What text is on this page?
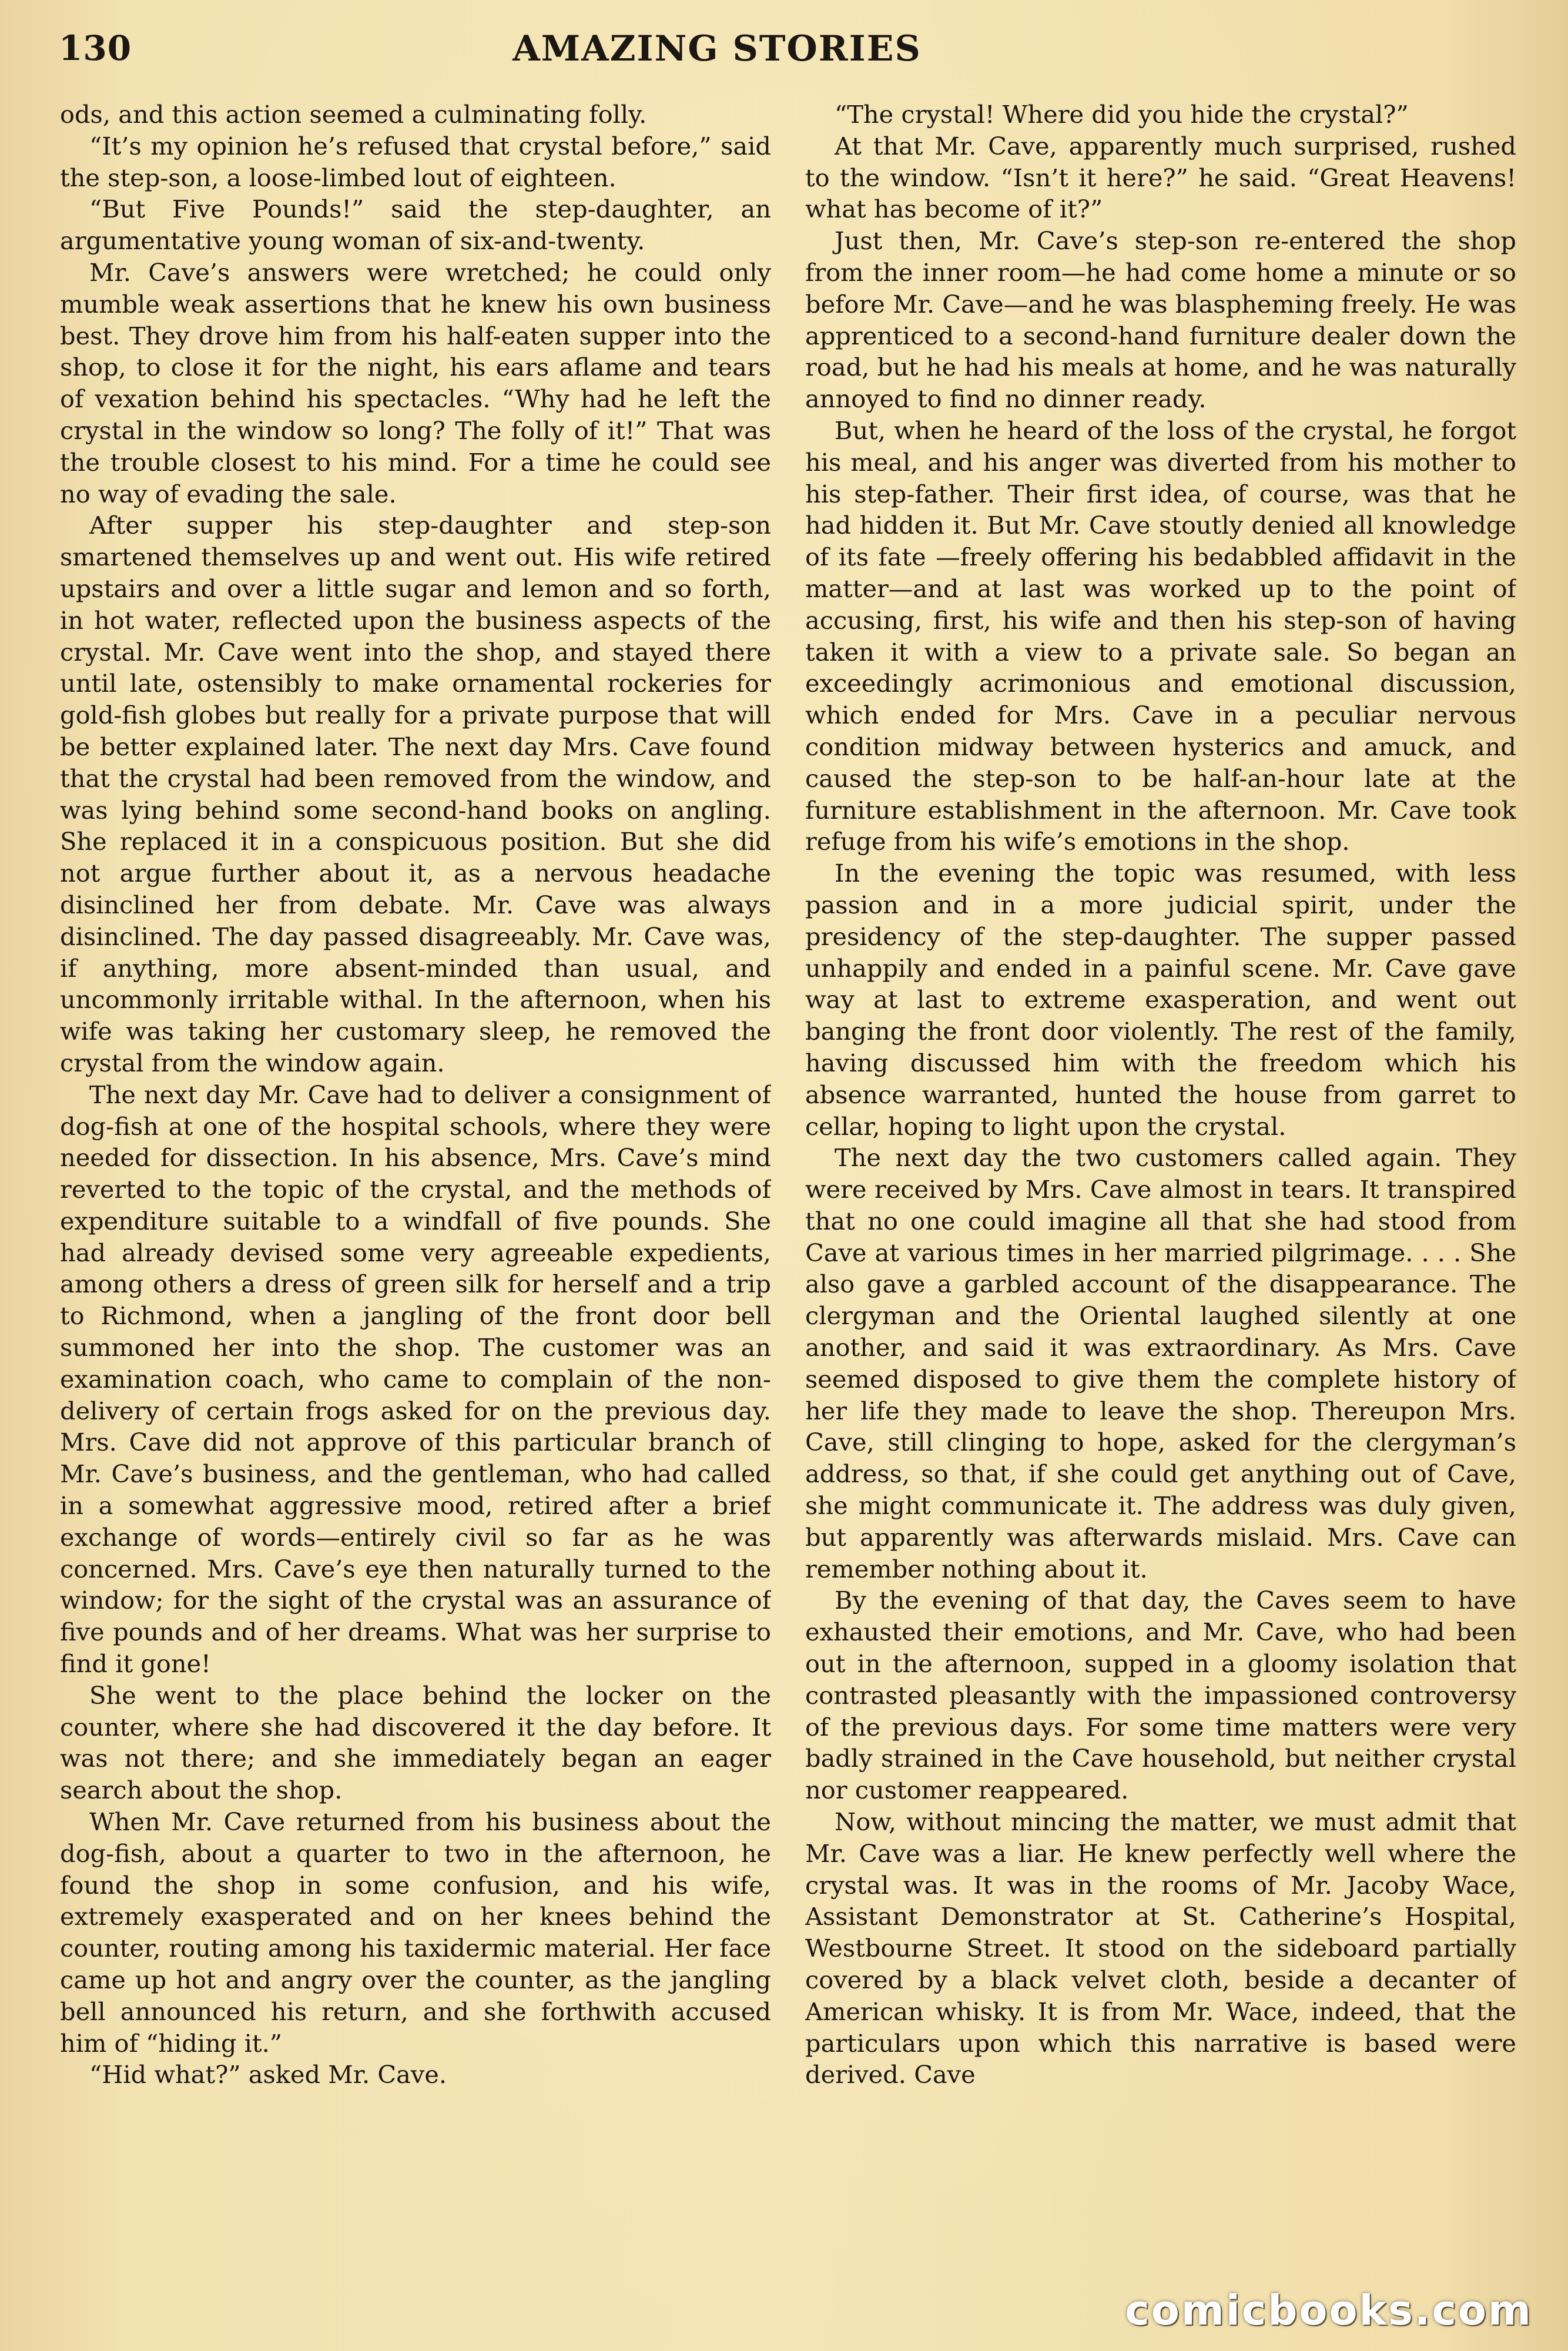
130	AMAZING STORIES

ods, and this action seemed a culminating folly.

“It’s my opinion he’s refused that crystal before,” said the step-son, a loose-limbed lout of eighteen.

“But Five Pounds!” said the step-daughter, an argumentative young woman of six-and-twenty.

Mr. Cave’s answers were wretched; he could only mumble weak assertions that he knew his own business best. They drove him from his half-eaten supper into the shop, to close it for the night, his ears aflame and tears of vexation behind his spectacles. “Why had he left the crystal in the window so long? The folly of it!” That was the trouble closest to his mind. For a time he could see no way of evading the sale.

After supper his step-daughter and step-son smartened themselves up and went out. His wife retired upstairs and over a little sugar and lemon and so forth, in hot water, reflected upon the business aspects of the crystal. Mr. Cave went into the shop, and stayed there until late, ostensibly to make ornamental rockeries for gold-fish globes but really for a private purpose that will be better explained later. The next day Mrs. Cave found that the crystal had been removed from the window, and was lying behind some second-hand books on angling. She replaced it in a conspicuous position. But she did not argue further about it, as a nervous headache disinclined her from debate. Mr. Cave was always disinclined. The day passed disagreeably. Mr. Cave was, if anything, more absent-minded than usual, and uncommonly irritable withal. In the afternoon, when his wife was taking her customary sleep, he removed the crystal from the window again.

The next day Mr. Cave had to deliver a consignment of dog-fish at one of the hospital schools, where they were needed for dissection. In his absence, Mrs. Cave’s mind reverted to the topic of the crystal, and the methods of expenditure suitable to a windfall of five pounds. She had already devised some very agreeable expedients, among others a dress of green silk for herself and a trip to Richmond, when a jangling of the front door bell summoned her into the shop. The customer was an examination coach, who came to complain of the non-delivery of certain frogs asked for on the previous day. Mrs. Cave did not approve of this particular branch of Mr. Cave’s business, and the gentleman, who had called in a somewhat aggressive mood, retired after a brief exchange of words—entirely civil so far as he was concerned. Mrs. Cave’s eye then naturally turned to the window; for the sight of the crystal was an assurance of five pounds and of her dreams. What was her surprise to find it gone!

She went to the place behind the locker on the counter, where she had discovered it the day before. It was not there; and she immediately began an eager search about the shop.

When Mr. Cave returned from his business about the dog-fish, about a quarter to two in the afternoon, he found the shop in some confusion, and his wife, extremely exasperated and on her knees behind the counter, routing among his taxidermic material. Her face came up hot and angry over the counter, as the jangling bell announced his return, and she forthwith accused him of “hiding it.”

“Hid what?” asked Mr. Cave.

“The crystal! Where did you hide the crystal?”

At that Mr. Cave, apparently much surprised, rushed to the window. “Isn’t it here?” he said. “Great Heavens! what has become of it?”

Just then, Mr. Cave’s step-son re-entered the shop from the inner room—he had come home a minute or so before Mr. Cave—and he was blaspheming freely. He was apprenticed to a second-hand furniture dealer down the road, but he had his meals at home, and he was naturally annoyed to find no dinner ready.

But, when he heard of the loss of the crystal, he forgot his meal, and his anger was diverted from his mother to his step-father. Their first idea, of course, was that he had hidden it. But Mr. Cave stoutly denied all knowledge of its fate —freely offering his bedabbled affidavit in the matter—and at last was worked up to the point of accusing, first, his wife and then his step-son of having taken it with a view to a private sale. So began an exceedingly acrimonious and emotional discussion, which ended for Mrs. Cave in a peculiar nervous condition midway between hysterics and amuck, and caused the step-son to be half-an-hour late at the furniture establishment in the afternoon. Mr. Cave took refuge from his wife’s emotions in the shop.

In the evening the topic was resumed, with less passion and in a more judicial spirit, under the presidency of the step-daughter. The supper passed unhappily and ended in a painful scene. Mr. Cave gave way at last to extreme exasperation, and went out banging the front door violently. The rest of the family, having discussed him with the freedom which his absence warranted, hunted the house from garret to cellar, hoping to light upon the crystal.

The next day the two customers called again. They were received by Mrs. Cave almost in tears. It transpired that no one could imagine all that she had stood from Cave at various times in her married pilgrimage. . . . She also gave a garbled account of the disappearance. The clergyman and the Oriental laughed silently at one another, and said it was extraordinary. As Mrs. Cave seemed disposed to give them the complete history of her life they made to leave the shop. Thereupon Mrs. Cave, still clinging to hope, asked for the clergyman’s address, so that, if she could get anything out of Cave, she might communicate it. The address was duly given, but apparently was afterwards mislaid. Mrs. Cave can remember nothing about it.

By the evening of that day, the Caves seem to have exhausted their emotions, and Mr. Cave, who had been out in the afternoon, supped in a gloomy isolation that contrasted pleasantly with the impassioned controversy of the previous days. For some time matters were very badly strained in the Cave household, but neither crystal nor customer reappeared.

Now, without mincing the matter, we must admit that Mr. Cave was a liar. He knew perfectly well where the crystal was. It was in the rooms of Mr. Jacoby Wace, Assistant Demonstrator at St. Catherine’s Hospital, Westbourne Street. It stood on the sideboard partially covered by a black velvet cloth, beside a decanter of American whisky. It is from Mr. Wace, indeed, that the particulars upon which this narrative is based were derived. Cave

comicbooks.com
